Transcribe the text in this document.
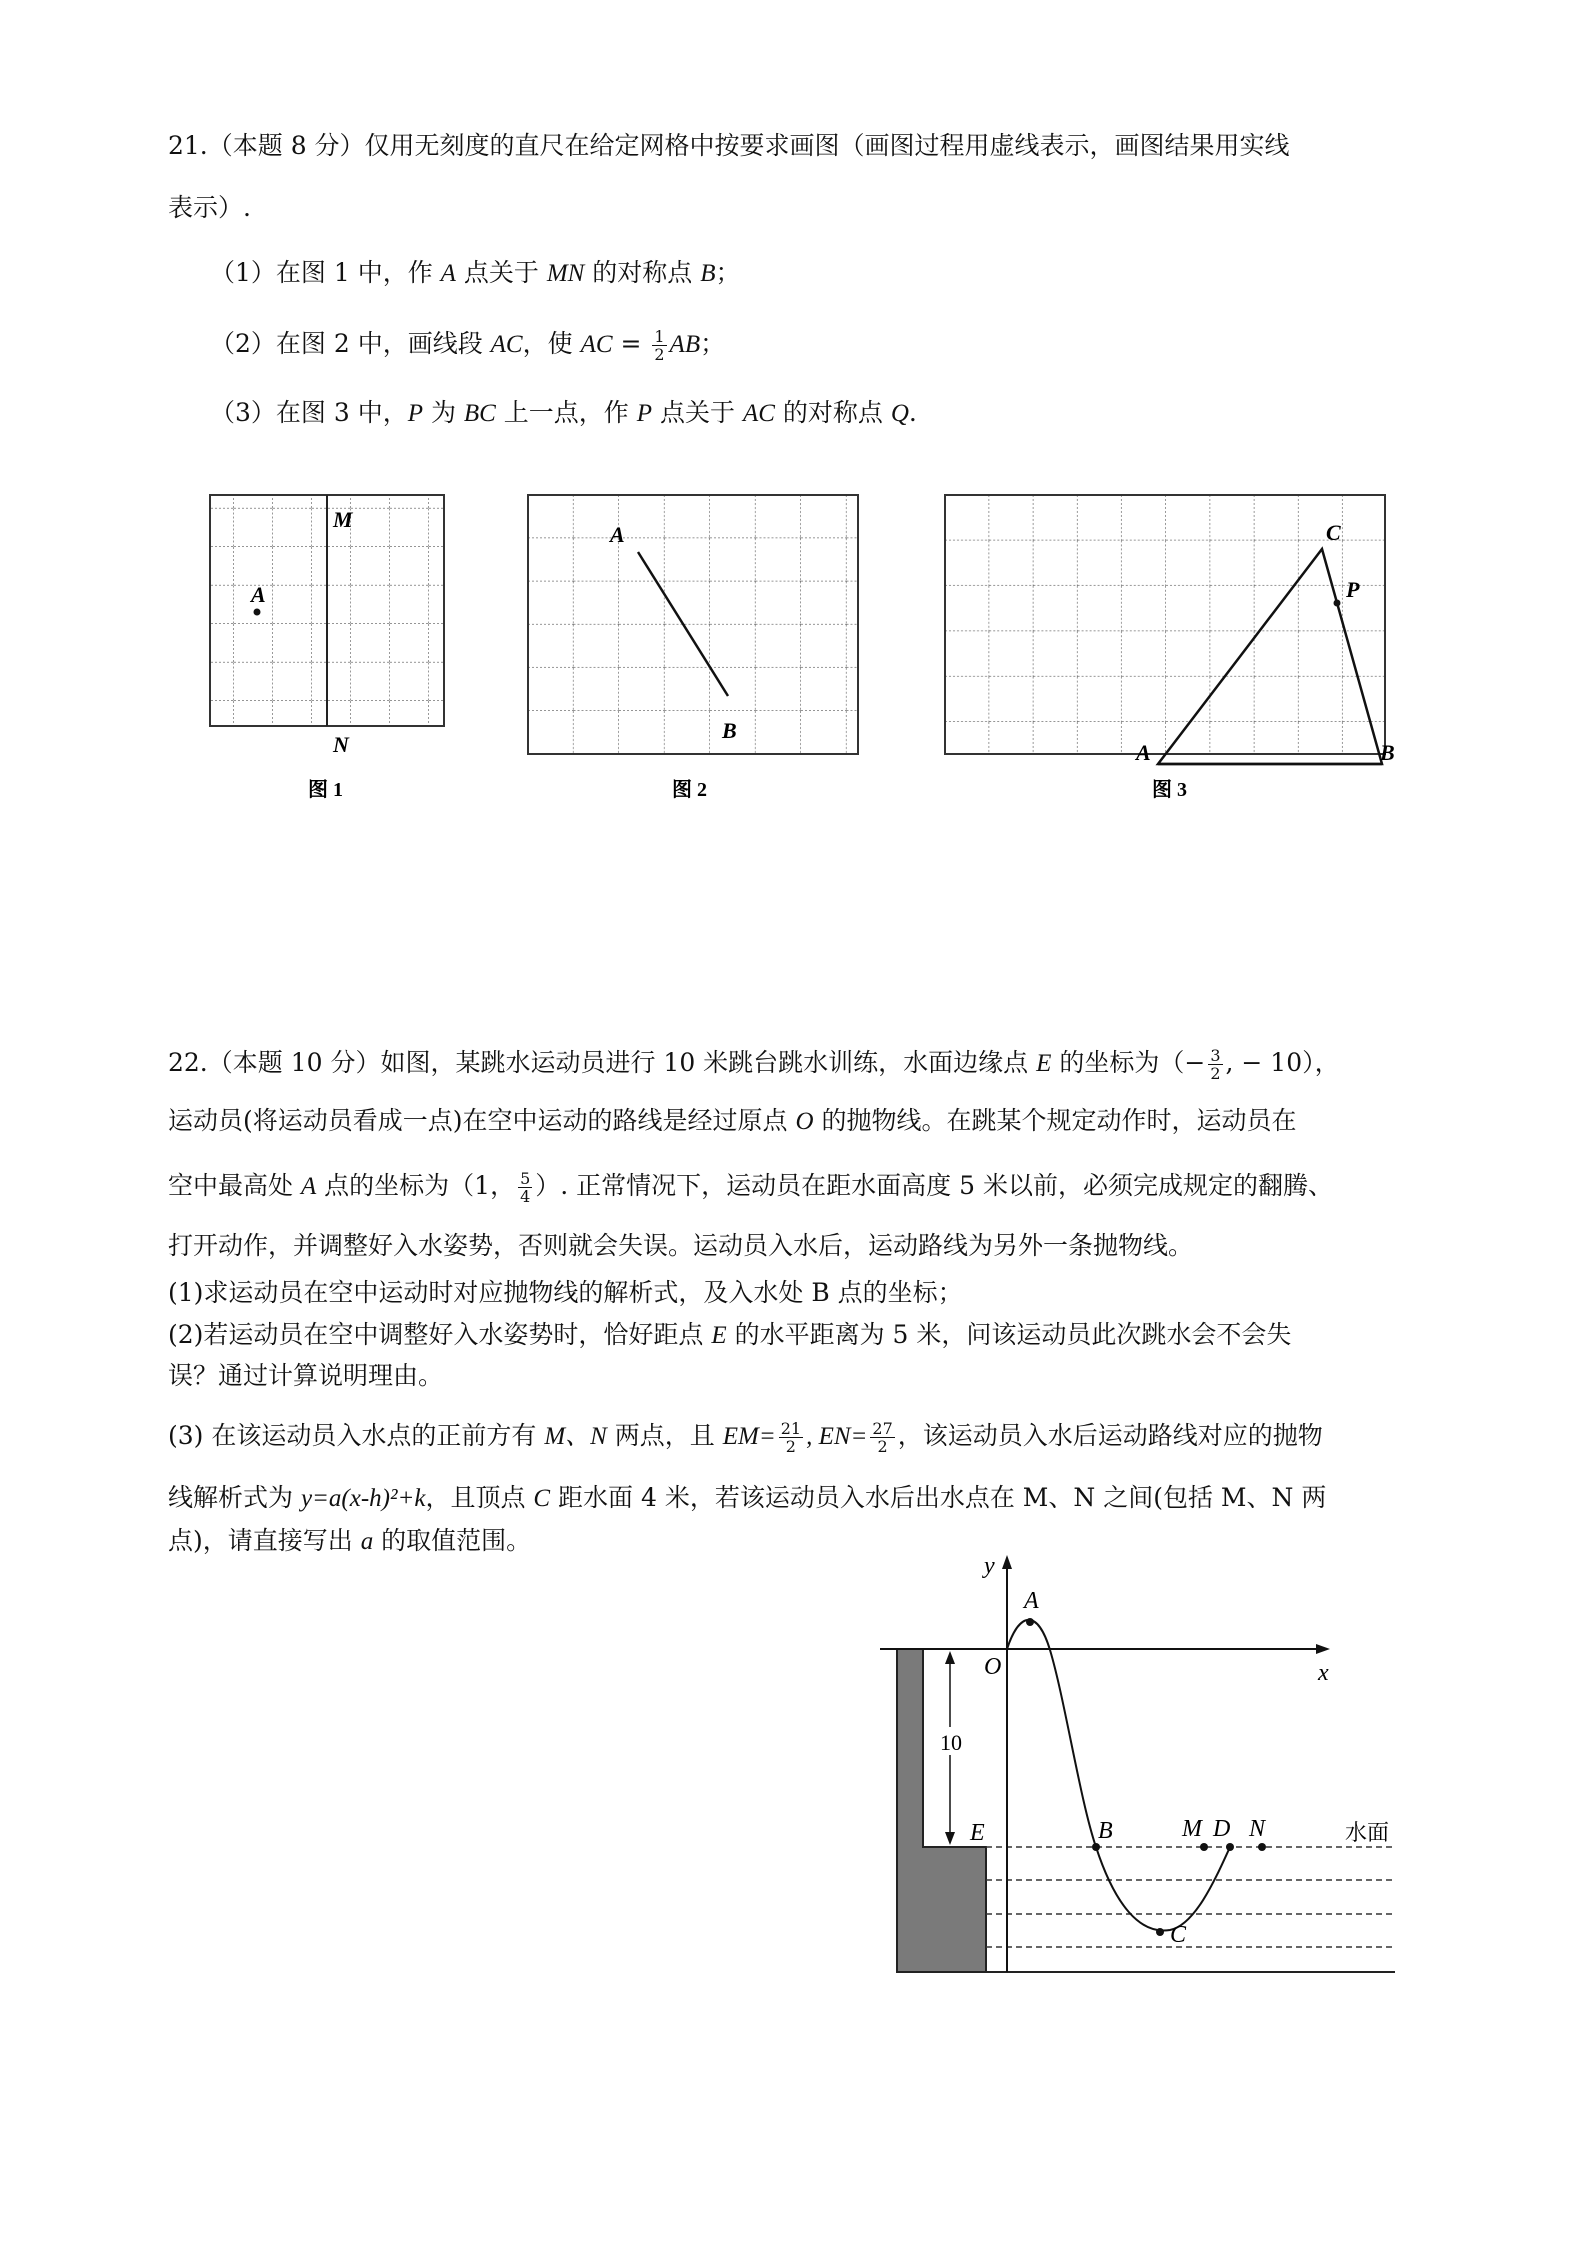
21.（本题 8 分）仅用无刻度的直尺在给定网格中按要求画图（画图过程用虚线表示，画图结果用实线
表示）.
（1）在图 1 中，作 A 点关于 MN 的对称点 B；
（2）在图 2 中，画线段 AC，使 AC = $\frac{1}{2}$ AB；
（3）在图 3 中，P 为 BC 上一点，作 P 点关于 AC 的对称点 Q.
M
A
N
图 1
A
B
图 2
C
P
A	B
图 3
22.（本题 10 分）如图，某跳水运动员进行 10 米跳台跳水训练，水面边缘点 E 的坐标为（− $\frac{3}{2}$ , − 10），
运动员(将运动员看成一点)在空中运动的路线是经过原点 O 的抛物线。在跳某个规定动作时，运动员在
空中最高处 A 点的坐标为（1， $\frac{5}{4}$ ）. 正常情况下，运动员在距水面高度 5 米以前，必须完成规定的翻腾、
打开动作，并调整好入水姿势，否则就会失误。运动员入水后，运动路线为另外一条抛物线。
(1)求运动员在空中运动时对应抛物线的解析式，及入水处 B 点的坐标；
(2)若运动员在空中调整好入水姿势时，恰好距点 E 的水平距离为 5 米，问该运动员此次跳水会不会失
误？通过计算说明理由。
(3) 在该运动员入水点的正前方有 M、N 两点，且 $EM= \frac{21}{2}$ , $EN= \frac{27}{2}$ ，该运动员入水后运动路线对应的抛物
线解析式为 y=a(x-h)²+k，且顶点 C 距水面 4 米，若该运动员入水后出水点在 M、N 之间(包括 M、N 两
点)，请直接写出 a 的取值范围。
10
y
x
O
A
E	B	M D N
C
水面
